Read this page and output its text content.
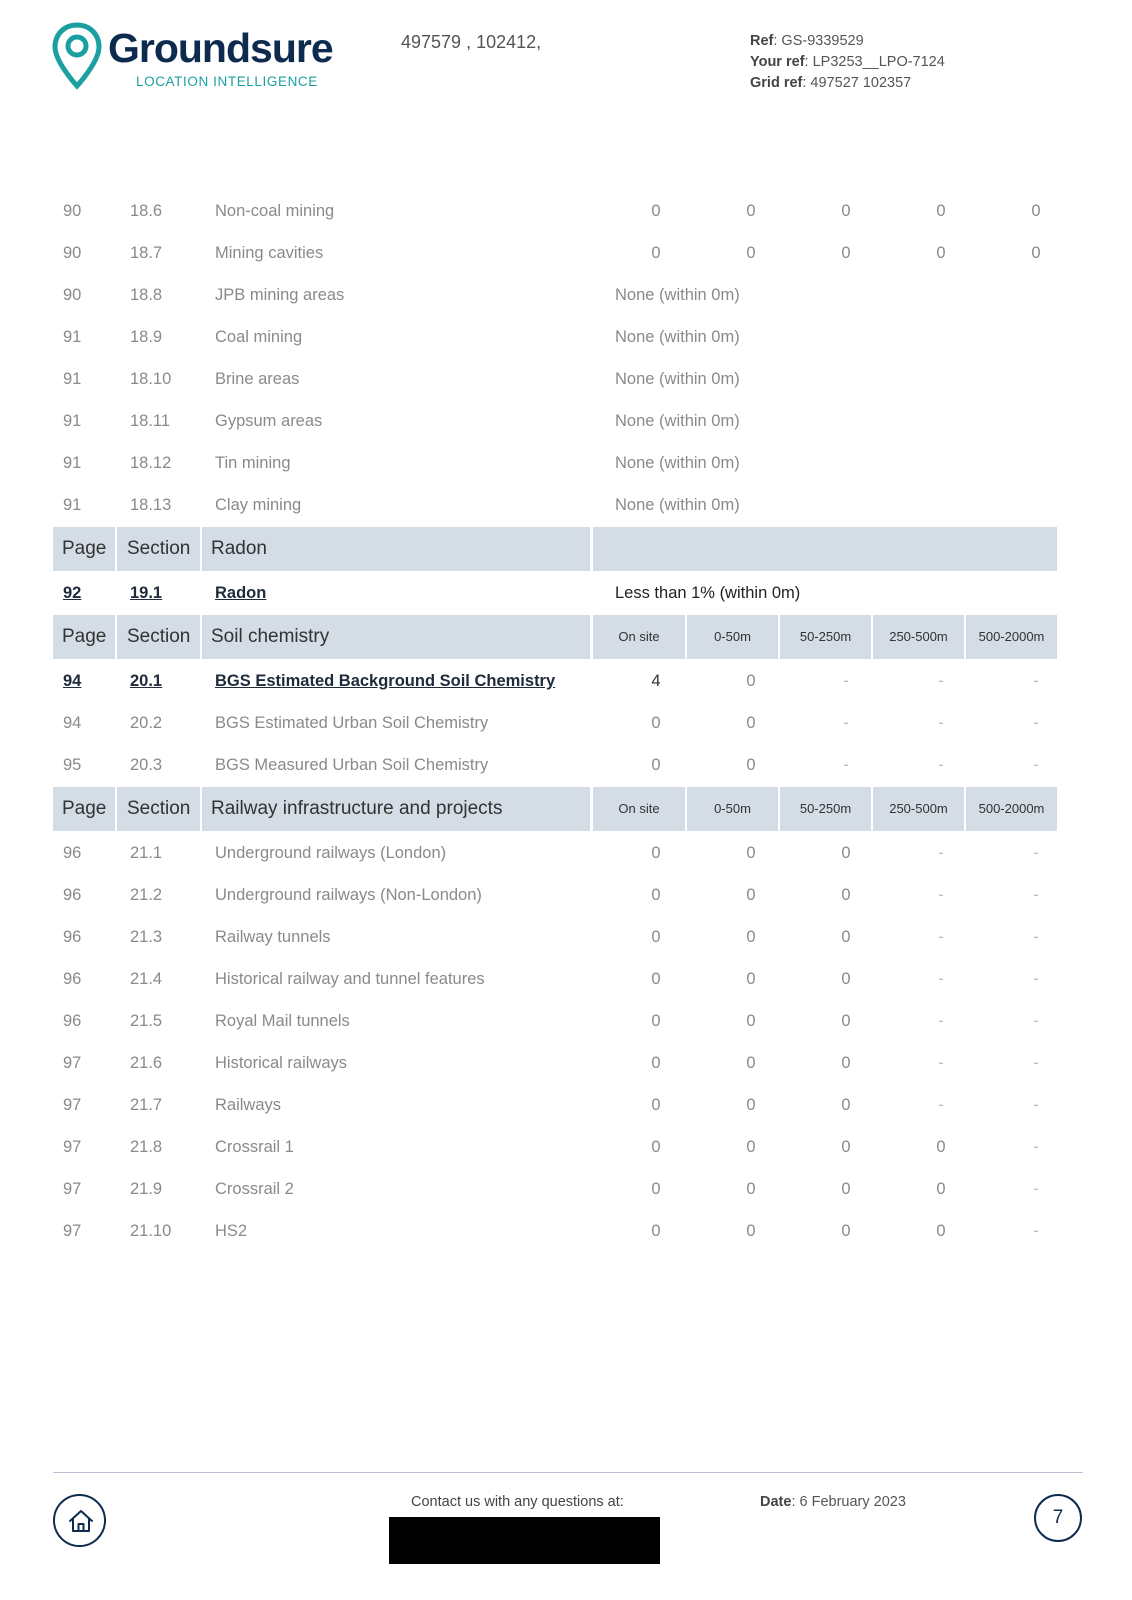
Groundsure
LOCATION INTELLIGENCE
497579 , 102412,	Ref: GS-9339529
Your ref: LP3253__LPO-7124
Grid ref: 497527 102357
90	18.6	Non-coal mining	0	0	0	0	0
90	18.7	Mining cavities	0	0	0	0	0
90	18.8	JPB mining areas	None (within 0m)
91	18.9	Coal mining	None (within 0m)
91	18.10	Brine areas	None (within 0m)
91	18.11	Gypsum areas	None (within 0m)
91	18.12	Tin mining	None (within 0m)
91	18.13	Clay mining	None (within 0m)
Page	Section	Radon
92	19.1	Radon	Less than 1% (within 0m)
Page	Section	Soil chemistry	On site	0-50m	50-250m	250-500m	500-2000m
94	20.1	BGS Estimated Background Soil Chemistry	4	0	-	-	-
94	20.2	BGS Estimated Urban Soil Chemistry	0	0	-	-	-
95	20.3	BGS Measured Urban Soil Chemistry	0	0	-	-	-
Page	Section	Railway infrastructure and projects	On site	0-50m	50-250m	250-500m	500-2000m
96	21.1	Underground railways (London)	0	0	0	-	-
96	21.2	Underground railways (Non-London)	0	0	0	-	-
96	21.3	Railway tunnels	0	0	0	-	-
96	21.4	Historical railway and tunnel features	0	0	0	-	-
96	21.5	Royal Mail tunnels	0	0	0	-	-
97	21.6	Historical railways	0	0	0	-	-
97	21.7	Railways	0	0	0	-	-
97	21.8	Crossrail 1	0	0	0	0	-
97	21.9	Crossrail 2	0	0	0	0	-
97	21.10	HS2	0	0	0	0	-
Contact us with any questions at:	Date: 6 February 2023
7
